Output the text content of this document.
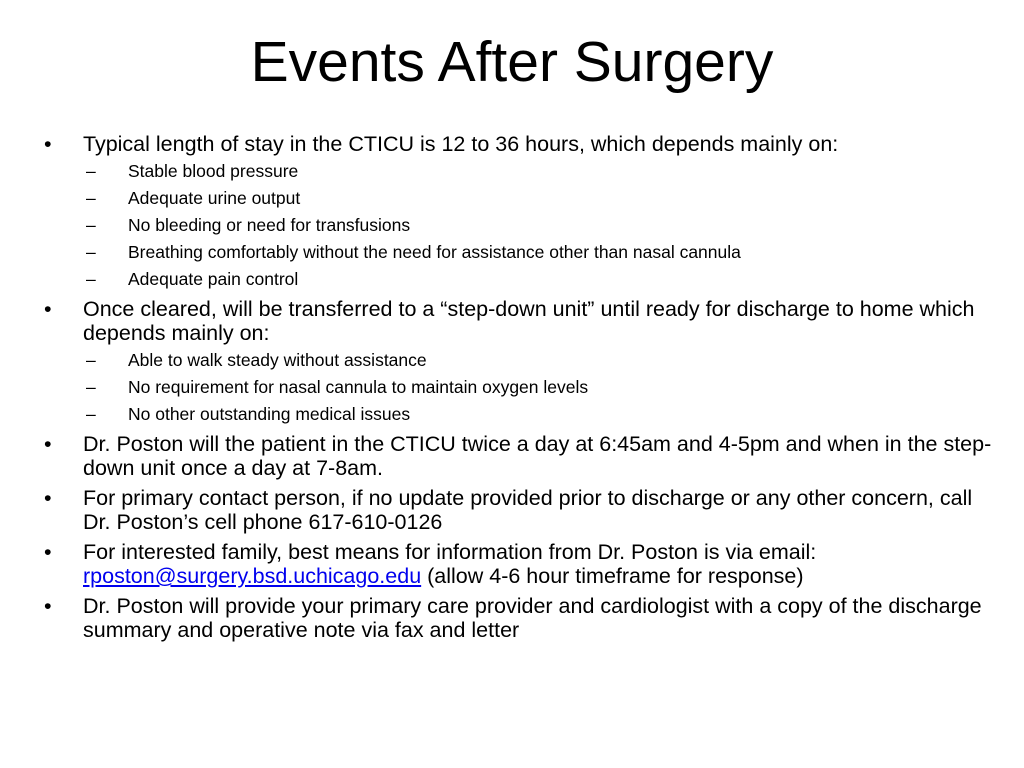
Events After Surgery
•	Typical length of stay in the CTICU is 12 to 36 hours, which depends mainly on:
–	Stable blood pressure
–	Adequate urine output
–	No bleeding or need for transfusions
–	Breathing comfortably without the need for assistance other than nasal cannula
–	Adequate pain control
•	Once cleared, will be transferred to a “step-down unit” until ready for discharge to home which depends mainly on:
–	Able to walk steady without assistance
–	No requirement for nasal cannula to maintain oxygen levels
–	No other outstanding medical issues
•	Dr. Poston will the patient in the CTICU twice a day at 6:45am and 4-5pm and when in the step-down unit once a day at 7-8am.
•	For primary contact person, if no update provided prior to discharge or any other concern, call Dr. Poston’s cell phone 617-610-0126
•	For interested family, best means for information from Dr. Poston is via email: rposton@surgery.bsd.uchicago.edu (allow 4-6 hour timeframe for response)
•	Dr. Poston will provide your primary care provider and cardiologist with a copy of the discharge summary and operative note via fax and letter
